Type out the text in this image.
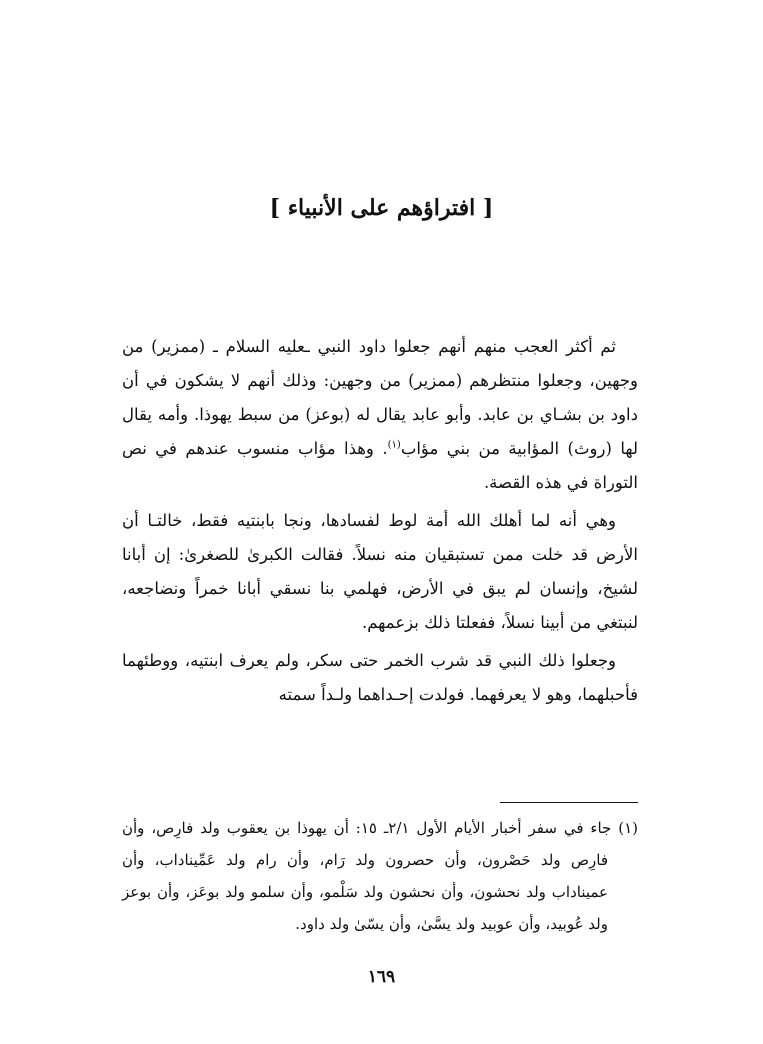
[ افتراؤهم على الأنبياء ]

ثم أكثر العجب منهم أنهم جعلوا داود النبي ـعليه السلام ـ (ممزير) من وجهين، وجعلوا منتظرهم (ممزير) من وجهين: وذلك أنهم لا يشكون في أن داود بن بشـاي بن عابد. وأبو عابد يقال له (بوعز) من سبط يهوذا. وأمه يقال لها (روث) المؤابية من بني مؤاب$^{(١)}$. وهذا مؤاب منسوب عندهم في نص التوراة في هذه القصة.

وهي أنه لما أهلك الله أمة لوط لفسادها، ونجا بابنتيه فقط، خالتـا أن الأرض قد خلت ممن تستبقيان منه نسلاً. فقالت الكبرىٰ للصغرىٰ: إن أبانا لشيخ، وإنسان لم يبق في الأرض، فهلمي بنا نسقي أبانا خمراً ونضاجعه، لنبتغي من أبينا نسلاً، ففعلتا ذلك بزعمهم.

وجعلوا ذلك النبي قد شرب الخمر حتى سكر، ولم يعرف ابنتيه، ووطئهما فأحبلهما، وهو لا يعرفهما. فولدت إحـداهما ولـداً سمته

(١) جاء في سفر أخبار الأيام الأول ٢/١ـ ١٥: أن يهوذا بن يعقوب ولد فارِص، وأن فارِص ولد حَصْرون، وأن حصرون ولد رَام، وأن رام ولد عَمِّيناداب، وأن عميناداب ولد نحشون، وأن نحشون ولد سَلْمو، وأن سلمو ولد بوعَز، وأن بوعز ولد عُوبيد، وأن عوبيد ولد يسَّىٰ، وأن يسّىٰ ولد داود.
١٦٩
